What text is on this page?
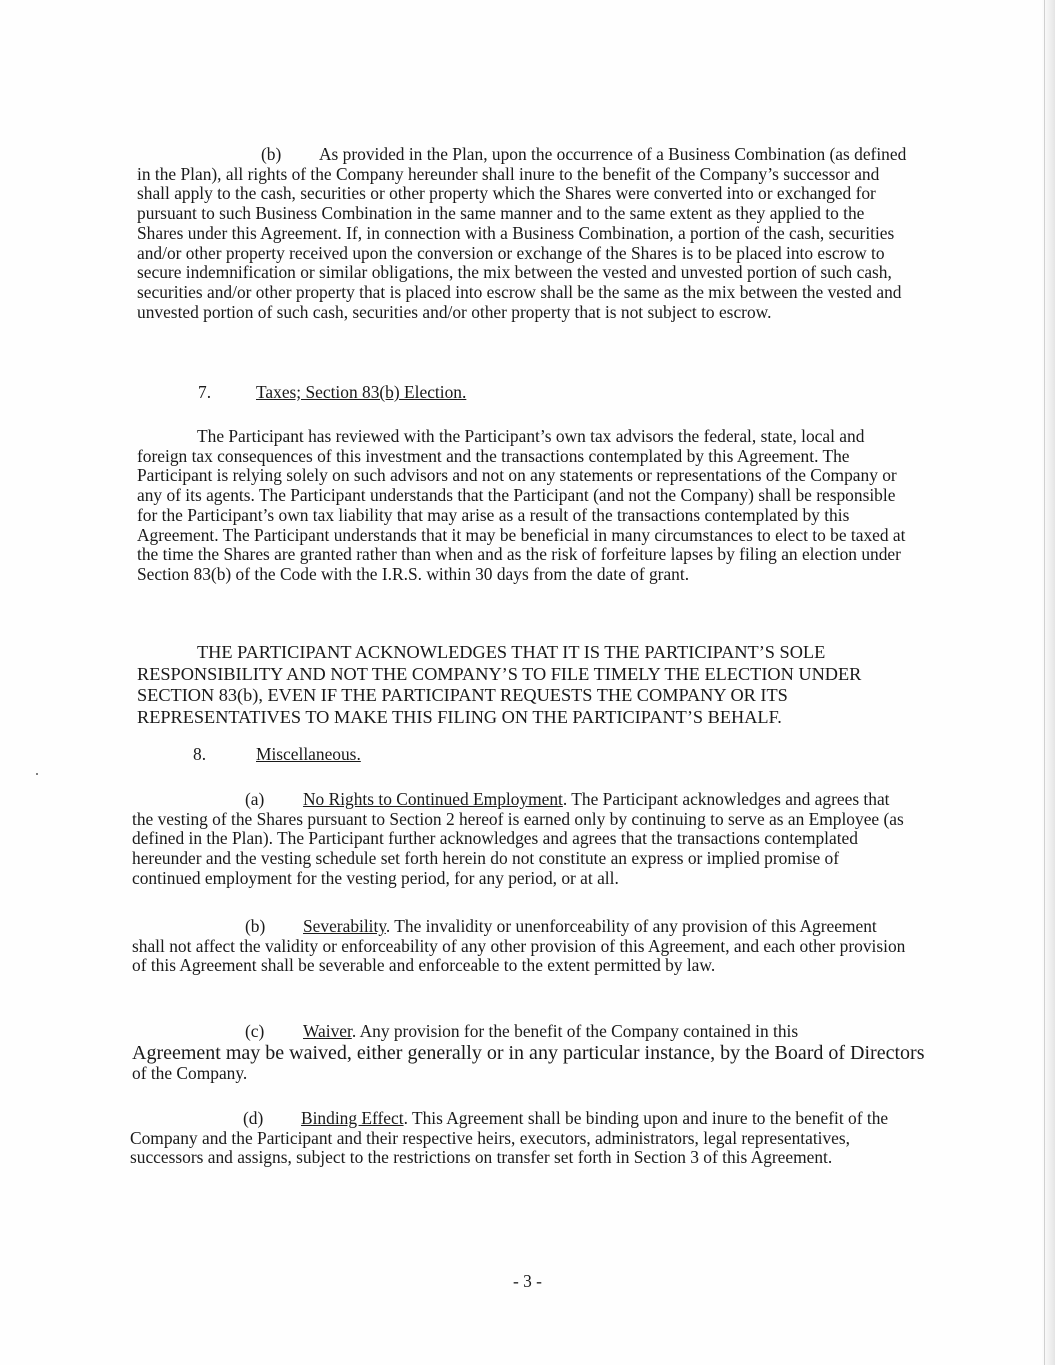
(b) As provided in the Plan, upon the occurrence of a Business Combination (as defined in the Plan), all rights of the Company hereunder shall inure to the benefit of the Company’s successor and shall apply to the cash, securities or other property which the Shares were converted into or exchanged for pursuant to such Business Combination in the same manner and to the same extent as they applied to the Shares under this Agreement. If, in connection with a Business Combination, a portion of the cash, securities and/or other property received upon the conversion or exchange of the Shares is to be placed into escrow to secure indemnification or similar obligations, the mix between the vested and unvested portion of such cash, securities and/or other property that is placed into escrow shall be the same as the mix between the vested and unvested portion of such cash, securities and/or other property that is not subject to escrow.

7.	Taxes; Section 83(b) Election.

The Participant has reviewed with the Participant’s own tax advisors the federal, state, local and foreign tax consequences of this investment and the transactions contemplated by this Agreement. The Participant is relying solely on such advisors and not on any statements or representations of the Company or any of its agents. The Participant understands that the Participant (and not the Company) shall be responsible for the Participant’s own tax liability that may arise as a result of the transactions contemplated by this Agreement. The Participant understands that it may be beneficial in many circumstances to elect to be taxed at the time the Shares are granted rather than when and as the risk of forfeiture lapses by filing an election under Section 83(b) of the Code with the I.R.S. within 30 days from the date of grant.

THE PARTICIPANT ACKNOWLEDGES THAT IT IS THE PARTICIPANT’S SOLE RESPONSIBILITY AND NOT THE COMPANY’S TO FILE TIMELY THE ELECTION UNDER SECTION 83(b), EVEN IF THE PARTICIPANT REQUESTS THE COMPANY OR ITS REPRESENTATIVES TO MAKE THIS FILING ON THE PARTICIPANT’S BEHALF.

8.	Miscellaneous.

(a) No Rights to Continued Employment. The Participant acknowledges and agrees that the vesting of the Shares pursuant to Section 2 hereof is earned only by continuing to serve as an Employee (as defined in the Plan). The Participant further acknowledges and agrees that the transactions contemplated hereunder and the vesting schedule set forth herein do not constitute an express or implied promise of continued employment for the vesting period, for any period, or at all.

(b) Severability. The invalidity or unenforceability of any provision of this Agreement shall not affect the validity or enforceability of any other provision of this Agreement, and each other provision of this Agreement shall be severable and enforceable to the extent permitted by law.

(c) Waiver. Any provision for the benefit of the Company contained in this
Agreement may be waived, either generally or in any particular instance, by the Board of Directors
of the Company.

(d) Binding Effect. This Agreement shall be binding upon and inure to the benefit of the Company and the Participant and their respective heirs, executors, administrators, legal representatives, successors and assigns, subject to the restrictions on transfer set forth in Section 3 of this Agreement.

- 3 -
